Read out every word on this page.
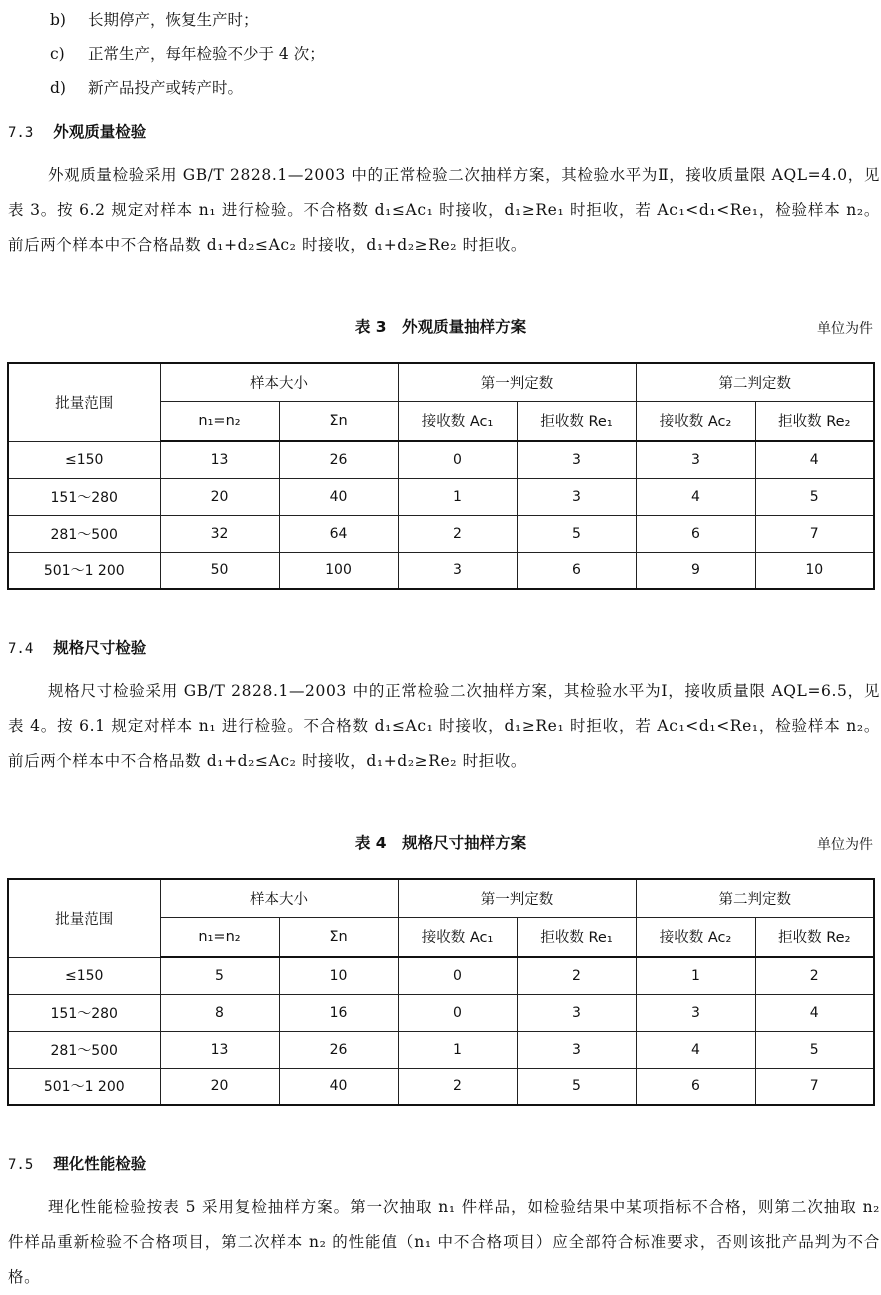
b) 长期停产，恢复生产时；
c) 正常生产，每年检验不少于 4 次；
d) 新产品投产或转产时。
7.3 外观质量检验
外观质量检验采用 GB/T 2828.1—2003 中的正常检验二次抽样方案，其检验水平为Ⅱ，接收质量限 AQL=4.0，见表 3。按 6.2 规定对样本 n₁ 进行检验。不合格数 d₁≤Ac₁ 时接收，d₁≥Re₁ 时拒收，若 Ac₁<d₁<Re₁，检验样本 n₂。前后两个样本中不合格品数 d₁+d₂≤Ac₂ 时接收，d₁+d₂≥Re₂ 时拒收。
表 3　外观质量抽样方案	单位为件
批量范围	样本大小		第一判定数		第二判定数	
	n₁=n₂	Σn	接收数 Ac₁	拒收数 Re₁	接收数 Ac₂	拒收数 Re₂
≤150	13	26	0	3	3	4
151～280	20	40	1	3	4	5
281～500	32	64	2	5	6	7
501～1 200	50	100	3	6	9	10
7.4 规格尺寸检验
规格尺寸检验采用 GB/T 2828.1—2003 中的正常检验二次抽样方案，其检验水平为Ⅰ，接收质量限 AQL=6.5，见表 4。按 6.1 规定对样本 n₁ 进行检验。不合格数 d₁≤Ac₁ 时接收，d₁≥Re₁ 时拒收，若 Ac₁<d₁<Re₁，检验样本 n₂。前后两个样本中不合格品数 d₁+d₂≤Ac₂ 时接收，d₁+d₂≥Re₂ 时拒收。
表 4　规格尺寸抽样方案	单位为件
批量范围	样本大小		第一判定数		第二判定数	
	n₁=n₂	Σn	接收数 Ac₁	拒收数 Re₁	接收数 Ac₂	拒收数 Re₂
≤150	5	10	0	2	1	2
151～280	8	16	0	3	3	4
281～500	13	26	1	3	4	5
501～1 200	20	40	2	5	6	7
7.5 理化性能检验
理化性能检验按表 5 采用复检抽样方案。第一次抽取 n₁ 件样品，如检验结果中某项指标不合格，则第二次抽取 n₂ 件样品重新检验不合格项目，第二次样本 n₂ 的性能值（n₁ 中不合格项目）应全部符合标准要求，否则该批产品判为不合格。
